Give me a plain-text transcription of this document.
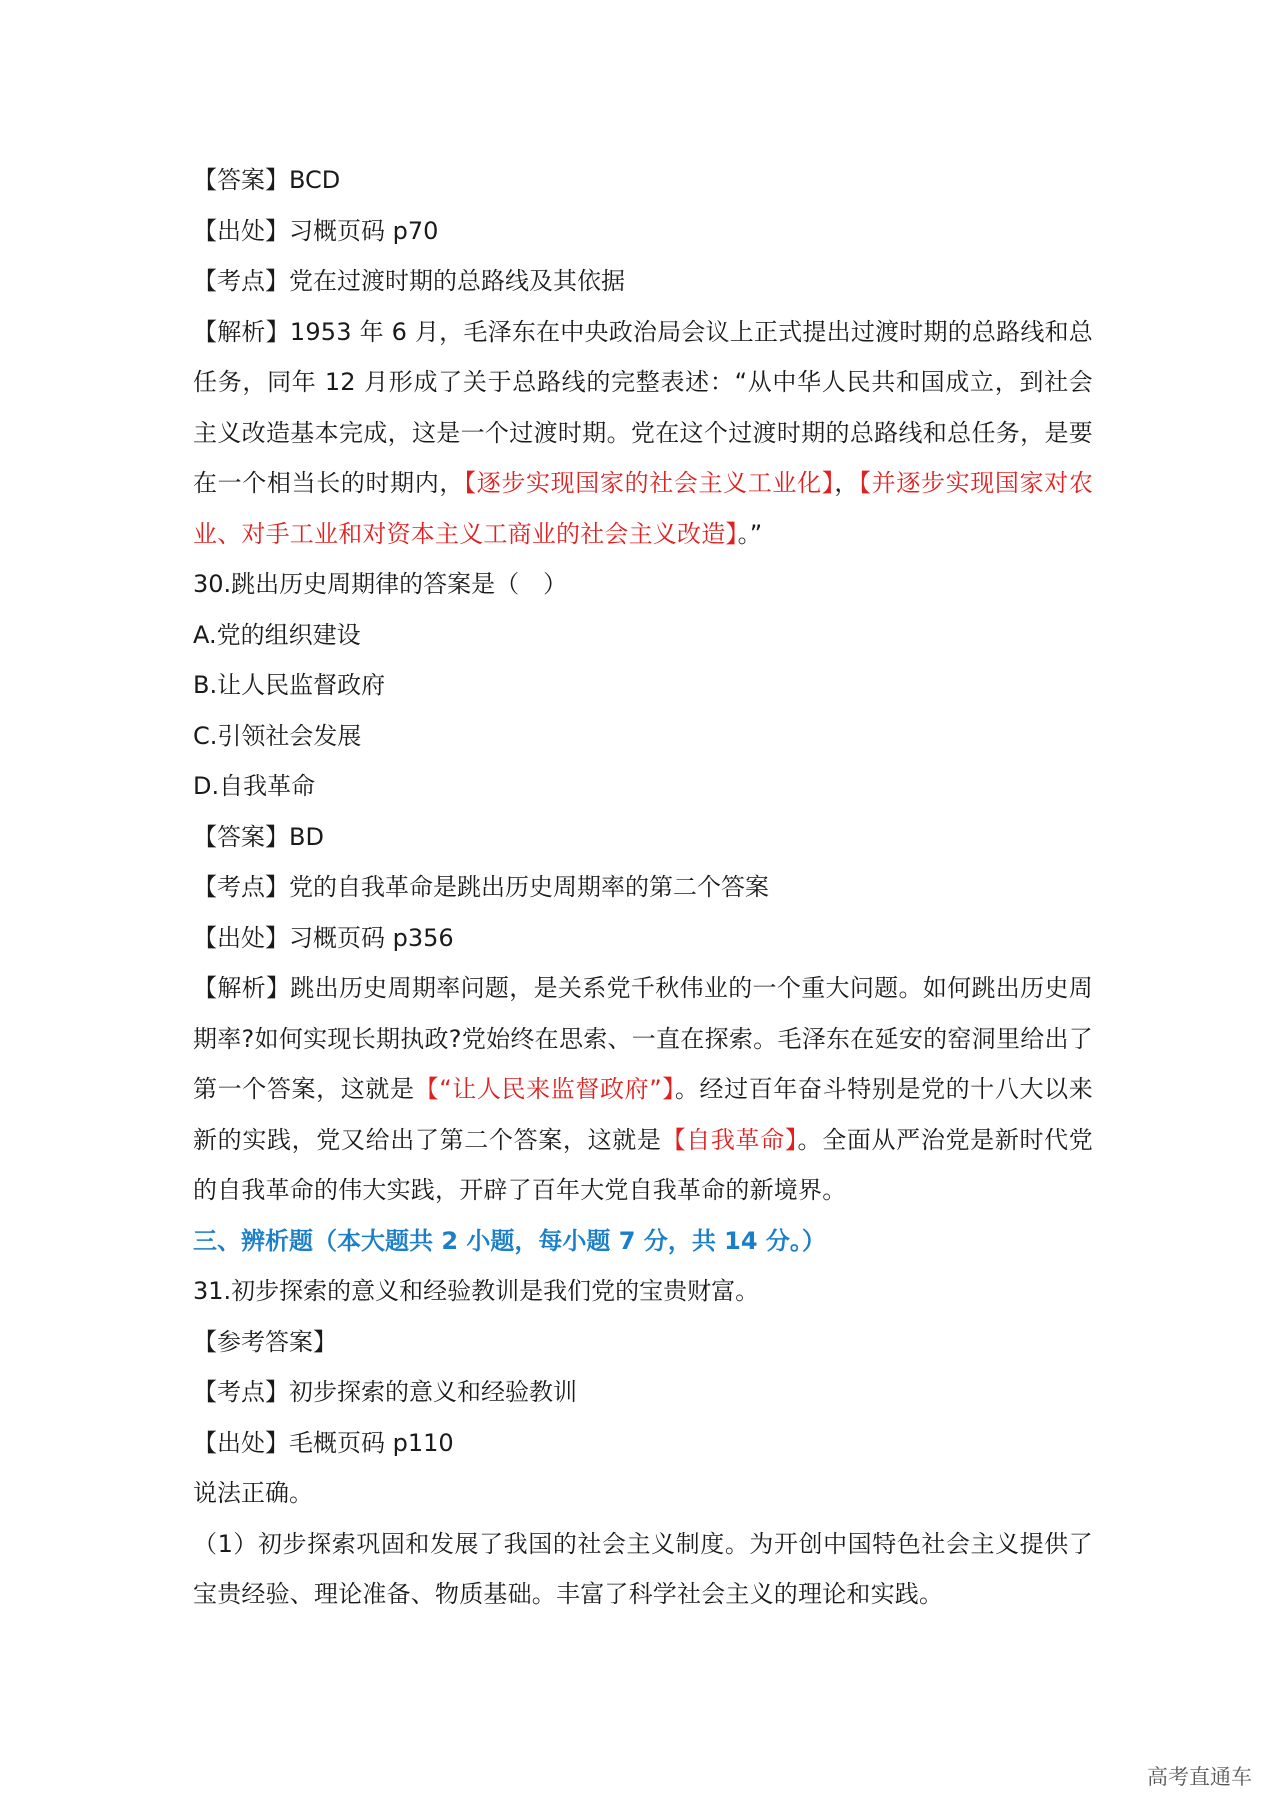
【答案】BCD
【出处】习概页码 p70
【考点】党在过渡时期的总路线及其依据
【解析】1953 年 6 月，毛泽东在中央政治局会议上正式提出过渡时期的总路线和总任务，同年 12 月形成了关于总路线的完整表述：“从中华人民共和国成立，到社会主义改造基本完成，这是一个过渡时期。党在这个过渡时期的总路线和总任务，是要在一个相当长的时期内，【逐步实现国家的社会主义工业化】，【并逐步实现国家对农业、对手工业和对资本主义工商业的社会主义改造】。”
30.跳出历史周期律的答案是（　）
A.党的组织建设
B.让人民监督政府
C.引领社会发展
D.自我革命
【答案】BD
【考点】党的自我革命是跳出历史周期率的第二个答案
【出处】习概页码 p356
【解析】跳出历史周期率问题，是关系党千秋伟业的一个重大问题。如何跳出历史周期率?如何实现长期执政?党始终在思索、一直在探索。毛泽东在延安的窑洞里给出了第一个答案，这就是【“让人民来监督政府”】。经过百年奋斗特别是党的十八大以来新的实践，党又给出了第二个答案，这就是【自我革命】。全面从严治党是新时代党的自我革命的伟大实践，开辟了百年大党自我革命的新境界。
三、辨析题（本大题共 2 小题，每小题 7 分，共 14 分。）
31.初步探索的意义和经验教训是我们党的宝贵财富。
【参考答案】
【考点】初步探索的意义和经验教训
【出处】毛概页码 p110
说法正确。
（1）初步探索巩固和发展了我国的社会主义制度。为开创中国特色社会主义提供了宝贵经验、理论准备、物质基础。丰富了科学社会主义的理论和实践。
高考直通车
